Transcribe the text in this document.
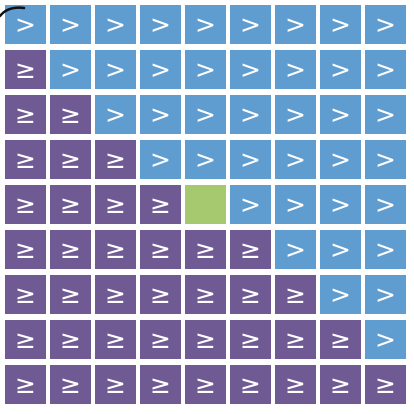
> > > > > > > > >
≥ > > > > > > > >
≥ ≥ > > > > > > >
≥ ≥ ≥ > > > > > >
≥ ≥ ≥ ≥	> > > >
≥ ≥ ≥ ≥ ≥ ≥ > > >
≥ ≥ ≥ ≥ ≥ ≥ ≥ > >
≥ ≥ ≥ ≥ ≥ ≥ ≥ ≥ >
≥ ≥ ≥ ≥ ≥ ≥ ≥ ≥ ≥
